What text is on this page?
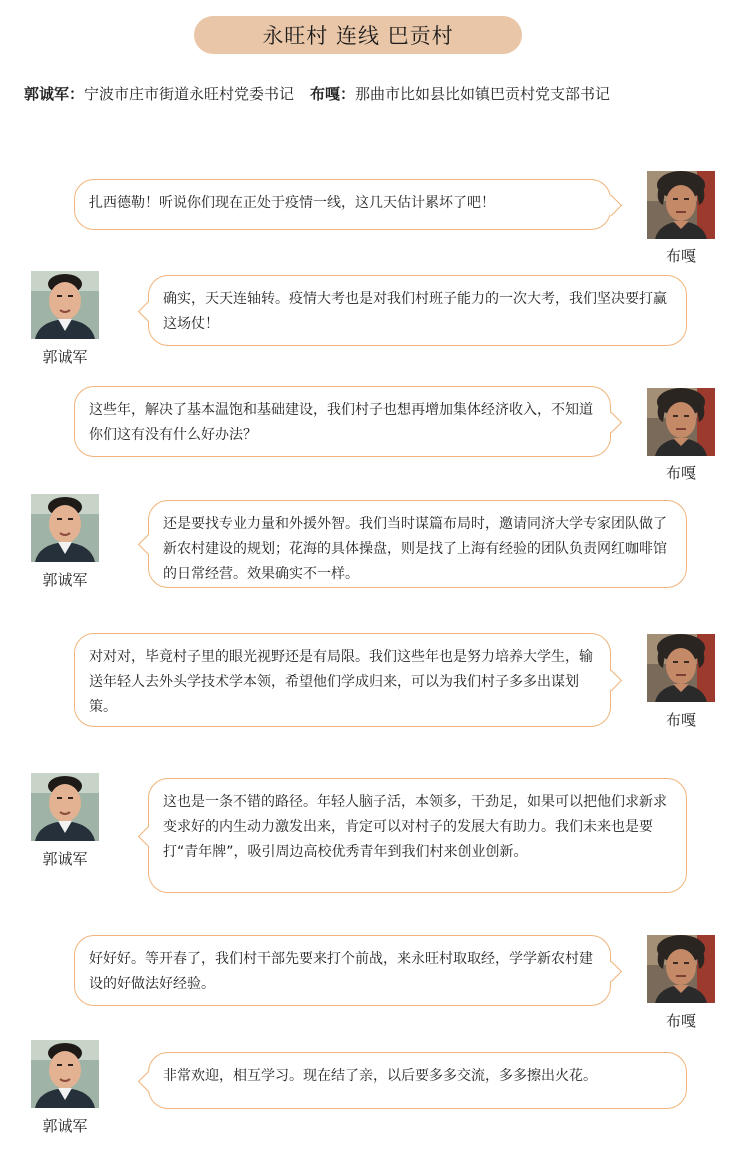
永旺村 连线 巴贡村
郭诚军：宁波市庄市街道永旺村党委书记 布嘎：那曲市比如县比如镇巴贡村党支部书记
扎西德勒！听说你们现在正处于疫情一线，这几天估计累坏了吧！
布嘎
郭诚军
确实，天天连轴转。疫情大考也是对我们村班子能力的一次大考，我们坚决要打赢这场仗！
这些年，解决了基本温饱和基础建设，我们村子也想再增加集体经济收入，不知道你们这有没有什么好办法？
布嘎
郭诚军
还是要找专业力量和外援外智。我们当时谋篇布局时，邀请同济大学专家团队做了新农村建设的规划；花海的具体操盘，则是找了上海有经验的团队负责网红咖啡馆的日常经营。效果确实不一样。
对对对，毕竟村子里的眼光视野还是有局限。我们这些年也是努力培养大学生，输送年轻人去外头学技术学本领，希望他们学成归来，可以为我们村子多多出谋划策。
布嘎
郭诚军
这也是一条不错的路径。年轻人脑子活，本领多，干劲足，如果可以把他们求新求变求好的内生动力激发出来，肯定可以对村子的发展大有助力。我们未来也是要打“青年牌”，吸引周边高校优秀青年到我们村来创业创新。
好好好。等开春了，我们村干部先要来打个前战，来永旺村取取经，学学新农村建设的好做法好经验。
布嘎
郭诚军
非常欢迎，相互学习。现在结了亲，以后要多多交流，多多擦出火花。
